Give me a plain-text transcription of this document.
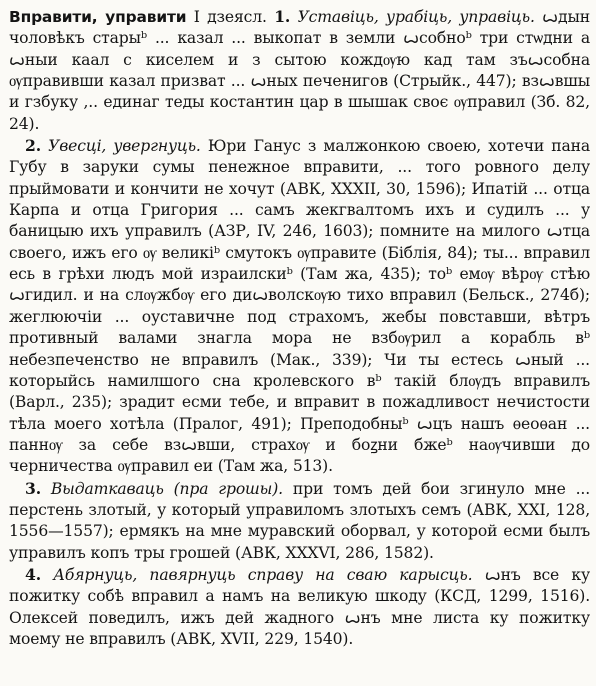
Вправити, управити I дзеясл. 1. Уставіць, урабіць, управіць. ꙍдын чоловѣкъ старыᵇ ... казал ... выкопат в земли ꙍсобноᵇ три стѡдни а ꙍныи каал с киселем и з сытою кождѹю кад там зъꙍсобна ѹправивши казал призват ... ꙍных печенигов (Стрыйк., 447); взꙍвшы и гзбуку ,.. единаг теды костантин цар в шышак своє ѹправил (Зб. 82, 24).

2. Увесці, увергнуць. Юри Ганус з малжонкою своею, хотечи пана Губу в заруки сумы пенежное вправити, ... того ровного делу прыймовати и кончити не хочут (АВК, XXXII, 30, 1596); Ипатій ... отца Карпа и отца Григория ... самъ жекгвалтомъ ихъ и судилъ ... у баницыю ихъ управилъ (АЗР, IV, 246, 1603); помните на милого ꙍтца своего, ижъ его ѹ великіᵇ смутокъ ѹправите (Біблія, 84); ты... вправил есь в грѣхи людъ мой израилскиᵇ (Там жа, 435); тоᵇ емѹ вѣрѹ стѣю ꙍгидил. и на слѹжбѹ его диꙍволскѹю тихо вправил (Бельск., 274б); жеглюючіи ... оуставичне под страхомъ, жебы повставши, вѣтръ противный валами знагла мора не взбѹрил а корабль вᵇ небезпеченство не вправилъ (Мак., 339); Чи ты естесь ꙍный ... которыйсь намилшого сна кролевского вᵇ такій блѹдъ вправилъ (Варл., 235); зрадит есми тебе, и вправит в пожадливост нечистости тѣла моего хотѣла (Пралог, 491); Преподобныᵇ ꙍцъ нашъ ѳеоѳан ... паннѹ за себе взꙍвши, страхѹ и боꙁни бжеᵇ наѹчивши до черничества ѹправил еи (Там жа, 513).

3. Выдаткаваць (пра грошы). при томъ дей бои згинуло мне ... перстень злотый, у который управиломъ злотыхъ семъ (АВК, XXI, 128, 1556—1557); ермякъ на мне муравский оборвал, у которой есми былъ управилъ копъ тры грошей (АВК, XXXVI, 286, 1582).

4. Абярнуць, павярнуць справу на сваю карысць. ꙍнъ все ку пожитку собѣ вправил а намъ на великую шкоду (КСД, 1299, 1516). Олексей поведилъ, ижъ дей жадного ꙍнъ мне листа ку пожитку моему не вправилъ (АВК, XVII, 229, 1540).
